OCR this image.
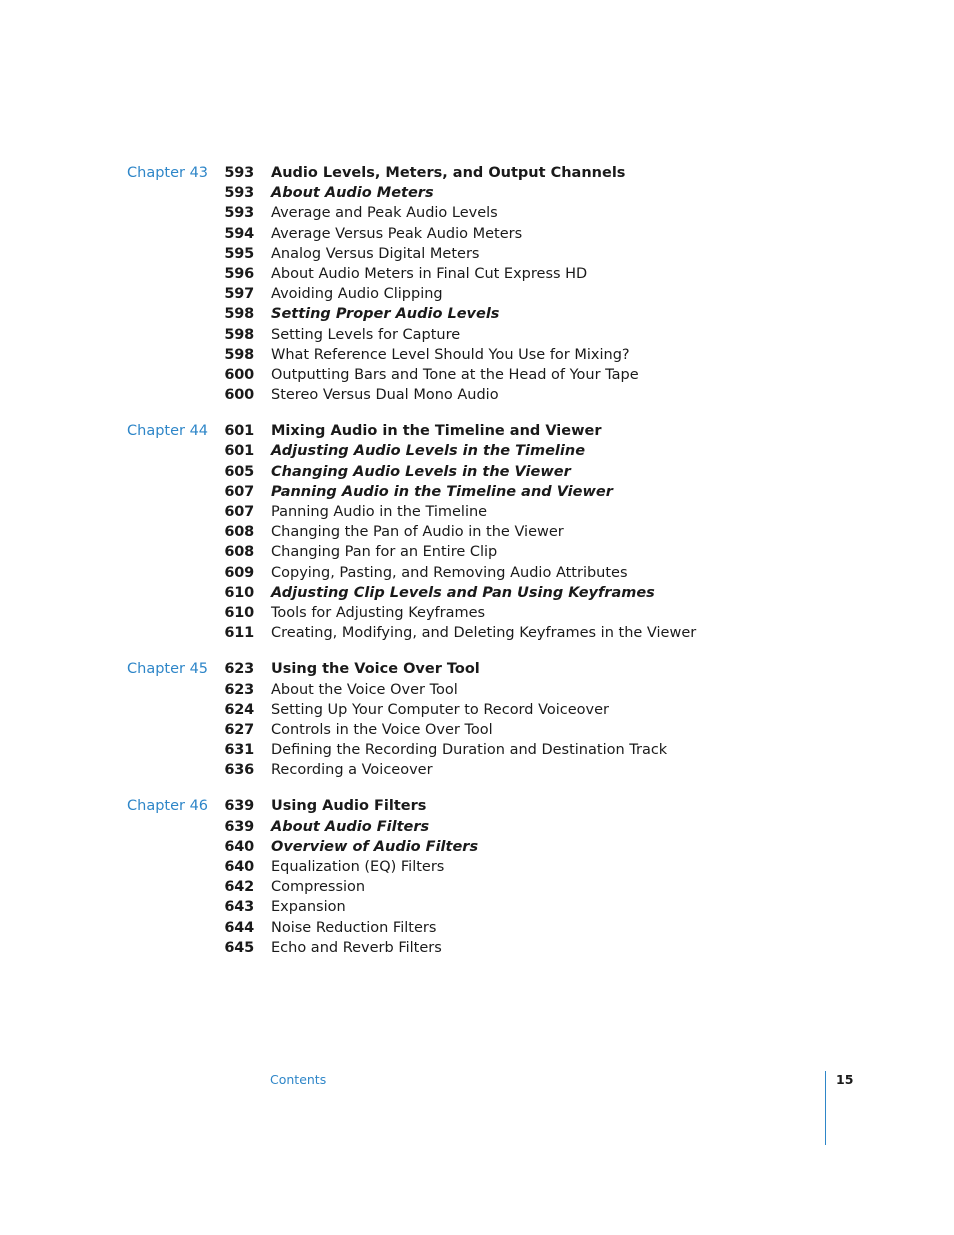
Chapter 43	593 Audio Levels, Meters, and Output Channels
593 About Audio Meters
593 Average and Peak Audio Levels
594 Average Versus Peak Audio Meters
595 Analog Versus Digital Meters
596 About Audio Meters in Final Cut Express HD
597 Avoiding Audio Clipping
598 Setting Proper Audio Levels
598 Setting Levels for Capture
598 What Reference Level Should You Use for Mixing?
600 Outputting Bars and Tone at the Head of Your Tape
600 Stereo Versus Dual Mono Audio
Chapter 44	601 Mixing Audio in the Timeline and Viewer
601 Adjusting Audio Levels in the Timeline
605 Changing Audio Levels in the Viewer
607 Panning Audio in the Timeline and Viewer
607 Panning Audio in the Timeline
608 Changing the Pan of Audio in the Viewer
608 Changing Pan for an Entire Clip
609 Copying, Pasting, and Removing Audio Attributes
610 Adjusting Clip Levels and Pan Using Keyframes
610 Tools for Adjusting Keyframes
611 Creating, Modifying, and Deleting Keyframes in the Viewer
Chapter 45	623 Using the Voice Over Tool
623 About the Voice Over Tool
624 Setting Up Your Computer to Record Voiceover
627 Controls in the Voice Over Tool
631 Defining the Recording Duration and Destination Track
636 Recording a Voiceover
Chapter 46	639 Using Audio Filters
639 About Audio Filters
640 Overview of Audio Filters
640 Equalization (EQ) Filters
642 Compression
643 Expansion
644 Noise Reduction Filters
645 Echo and Reverb Filters
Contents	15
